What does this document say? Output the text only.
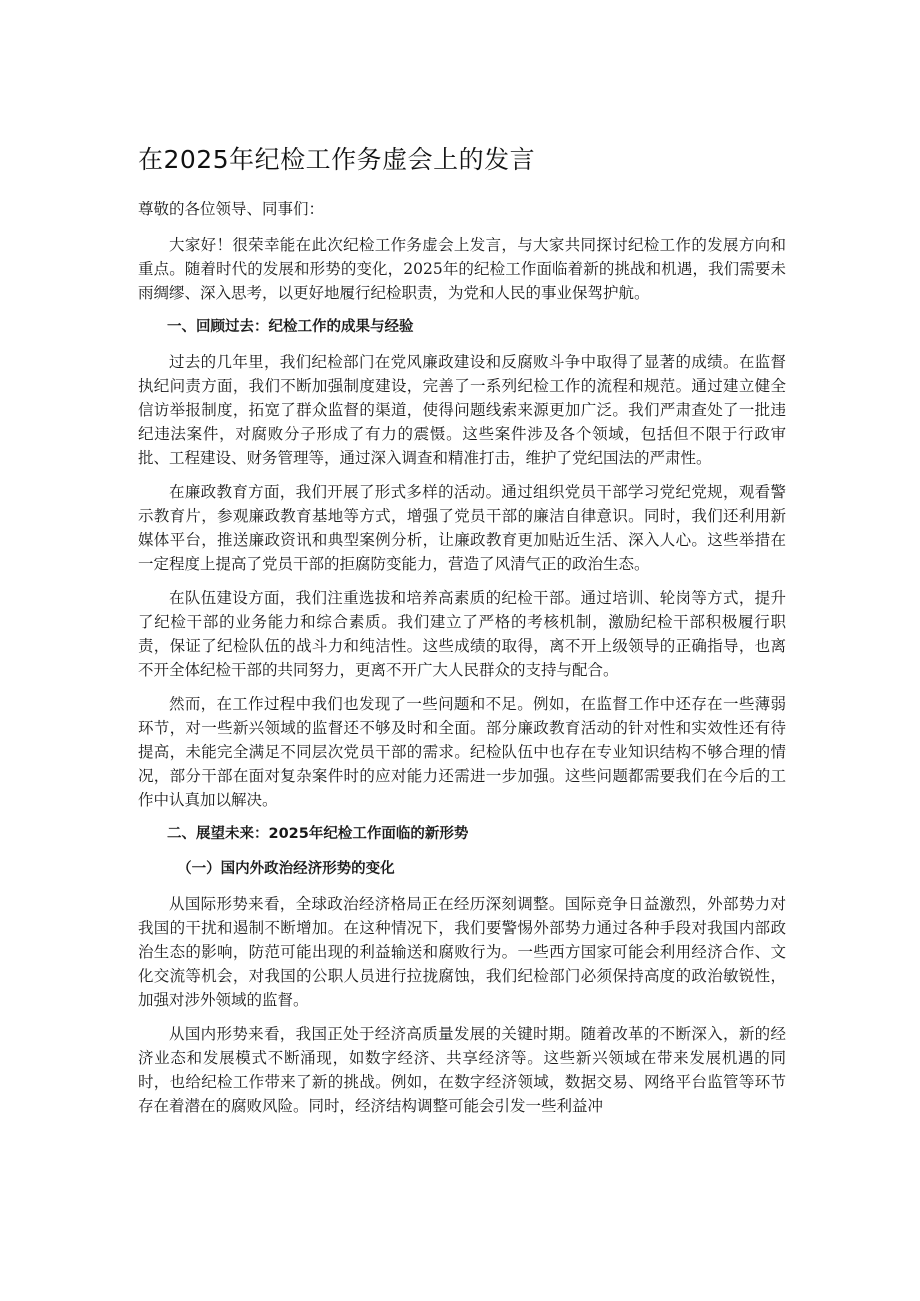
在2025年纪检工作务虚会上的发言

尊敬的各位领导、同事们：

大家好！很荣幸能在此次纪检工作务虚会上发言，与大家共同探讨纪检工作的发展方向和重点。随着时代的发展和形势的变化，2025年的纪检工作面临着新的挑战和机遇，我们需要未雨绸缪、深入思考，以更好地履行纪检职责，为党和人民的事业保驾护航。

一、回顾过去：纪检工作的成果与经验

过去的几年里，我们纪检部门在党风廉政建设和反腐败斗争中取得了显著的成绩。在监督执纪问责方面，我们不断加强制度建设，完善了一系列纪检工作的流程和规范。通过建立健全信访举报制度，拓宽了群众监督的渠道，使得问题线索来源更加广泛。我们严肃查处了一批违纪违法案件，对腐败分子形成了有力的震慑。这些案件涉及各个领域，包括但不限于行政审批、工程建设、财务管理等，通过深入调查和精准打击，维护了党纪国法的严肃性。

在廉政教育方面，我们开展了形式多样的活动。通过组织党员干部学习党纪党规，观看警示教育片，参观廉政教育基地等方式，增强了党员干部的廉洁自律意识。同时，我们还利用新媒体平台，推送廉政资讯和典型案例分析，让廉政教育更加贴近生活、深入人心。这些举措在一定程度上提高了党员干部的拒腐防变能力，营造了风清气正的政治生态。

在队伍建设方面，我们注重选拔和培养高素质的纪检干部。通过培训、轮岗等方式，提升了纪检干部的业务能力和综合素质。我们建立了严格的考核机制，激励纪检干部积极履行职责，保证了纪检队伍的战斗力和纯洁性。这些成绩的取得，离不开上级领导的正确指导，也离不开全体纪检干部的共同努力，更离不开广大人民群众的支持与配合。

然而，在工作过程中我们也发现了一些问题和不足。例如，在监督工作中还存在一些薄弱环节，对一些新兴领域的监督还不够及时和全面。部分廉政教育活动的针对性和实效性还有待提高，未能完全满足不同层次党员干部的需求。纪检队伍中也存在专业知识结构不够合理的情况，部分干部在面对复杂案件时的应对能力还需进一步加强。这些问题都需要我们在今后的工作中认真加以解决。

二、展望未来：2025年纪检工作面临的新形势

（一）国内外政治经济形势的变化

从国际形势来看，全球政治经济格局正在经历深刻调整。国际竞争日益激烈，外部势力对我国的干扰和遏制不断增加。在这种情况下，我们要警惕外部势力通过各种手段对我国内部政治生态的影响，防范可能出现的利益输送和腐败行为。一些西方国家可能会利用经济合作、文化交流等机会，对我国的公职人员进行拉拢腐蚀，我们纪检部门必须保持高度的政治敏锐性，加强对涉外领域的监督。

从国内形势来看，我国正处于经济高质量发展的关键时期。随着改革的不断深入，新的经济业态和发展模式不断涌现，如数字经济、共享经济等。这些新兴领域在带来发展机遇的同时，也给纪检工作带来了新的挑战。例如，在数字经济领域，数据交易、网络平台监管等环节存在着潜在的腐败风险。同时，经济结构调整可能会引发一些利益冲
